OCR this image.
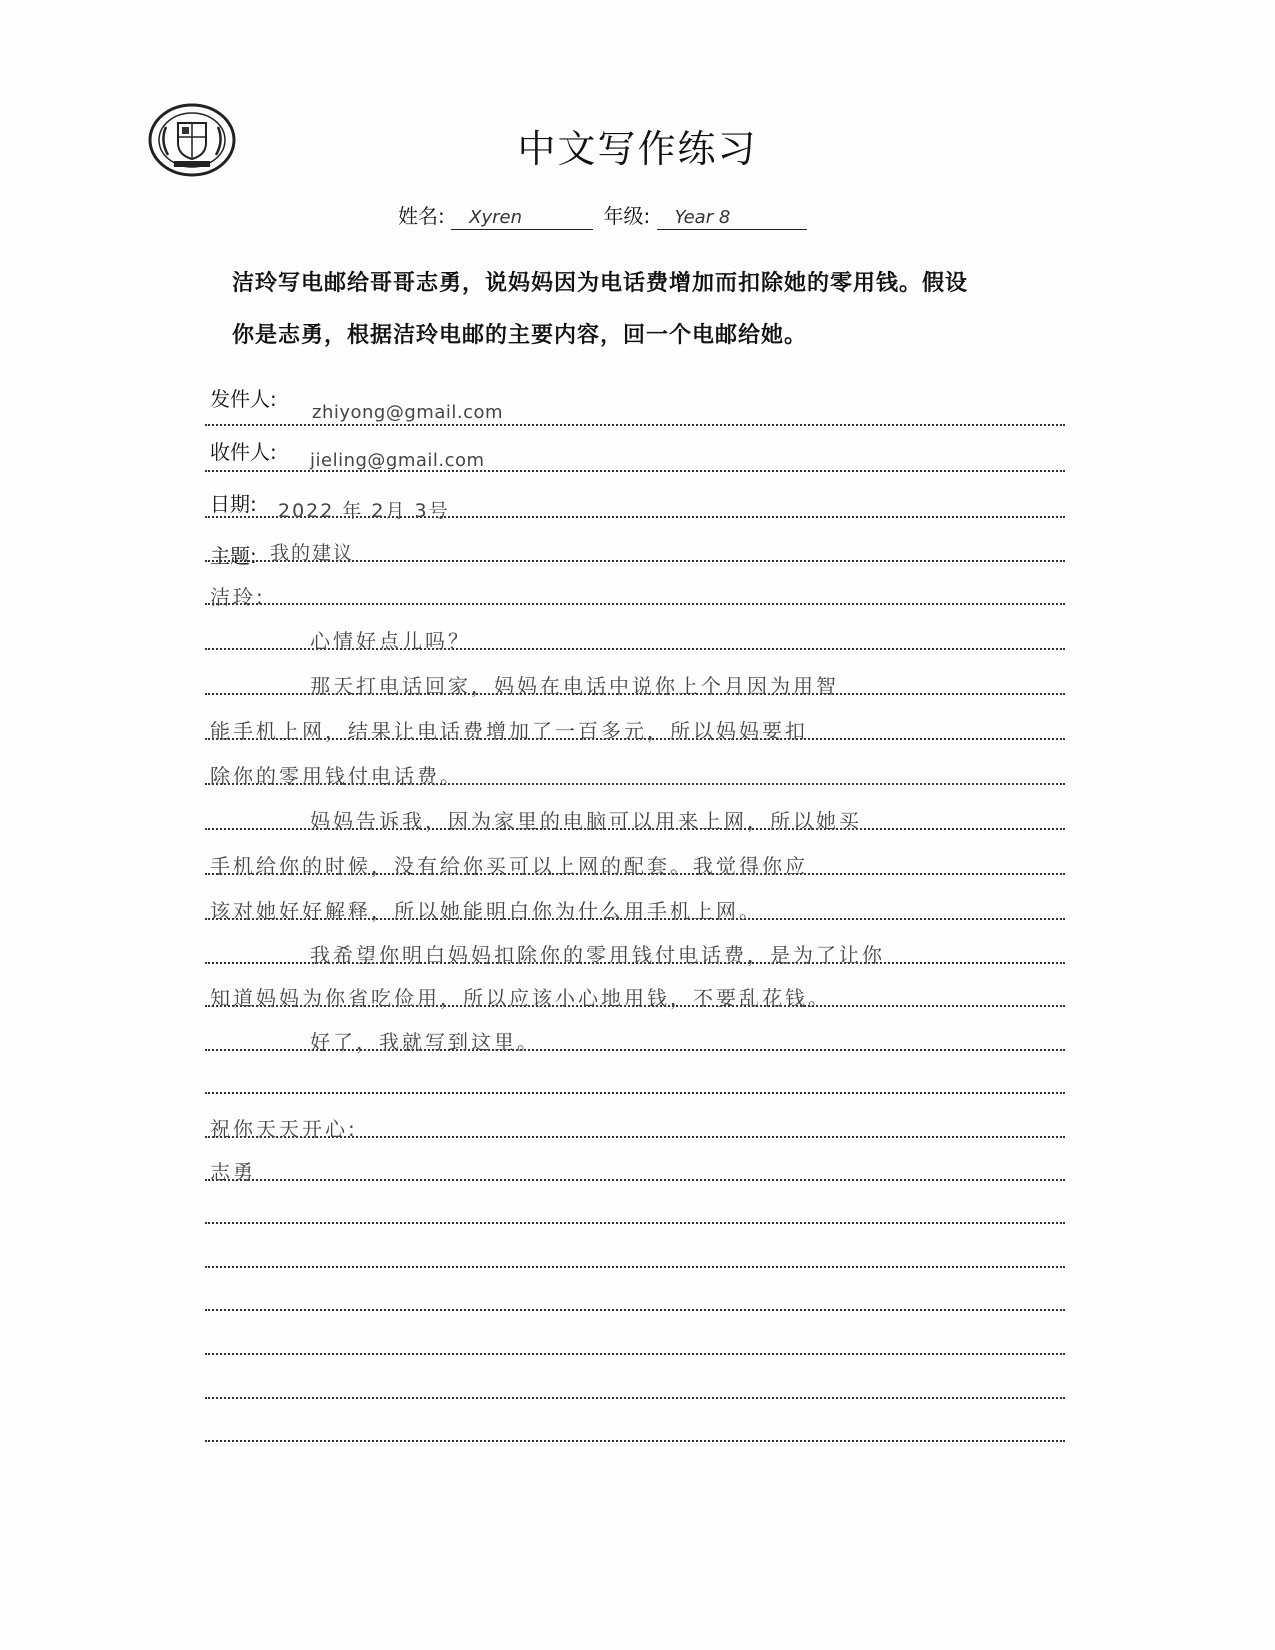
中文写作练习
姓名: Xyren	年级: Year 8
洁玲写电邮给哥哥志勇，说妈妈因为电话费增加而扣除她的零用钱。假设
你是志勇，根据洁玲电邮的主要内容，回一个电邮给她。
发件人:
收件人:
日期:
主题:
zhiyong@gmail.com
jieling@gmail.com
2022 年 2月 3号
我的建议
洁玲:
心情好点儿吗？
那天打电话回家，妈妈在电话中说你上个月因为用智
能手机上网，结果让电话费增加了一百多元，所以妈妈要扣
除你的零用钱付电话费。
妈妈告诉我，因为家里的电脑可以用来上网，所以她买
手机给你的时候，没有给你买可以上网的配套。我觉得你应
该对她好好解释，所以她能明白你为什么用手机上网。
我希望你明白妈妈扣除你的零用钱付电话费，是为了让你
知道妈妈为你省吃俭用，所以应该小心地用钱，不要乱花钱。
好了，我就写到这里。
祝你天天开心:
志勇
